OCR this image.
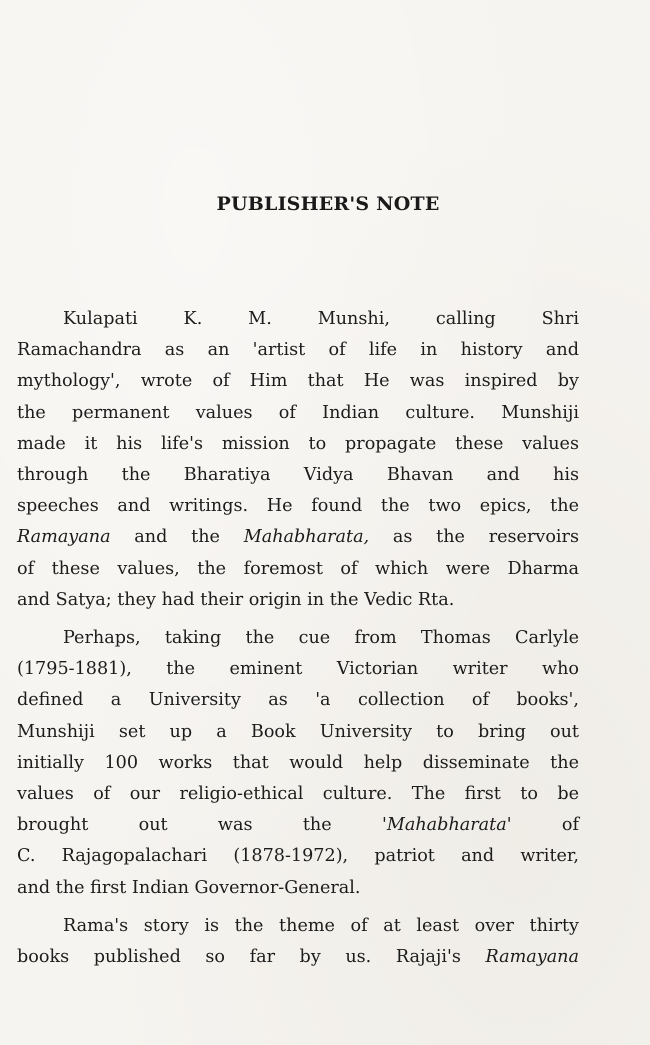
PUBLISHER'S NOTE
Kulapati K. M. Munshi, calling Shri
Ramachandra as an 'artist of life in history and
mythology', wrote of Him that He was inspired by
the permanent values of Indian culture. Munshiji
made it his life's mission to propagate these values
through the Bharatiya Vidya Bhavan and his
speeches and writings. He found the two epics, the
Ramayana and the Mahabharata, as the reservoirs
of these values, the foremost of which were Dharma
and Satya; they had their origin in the Vedic Rta.
Perhaps, taking the cue from Thomas Carlyle
(1795-1881), the eminent Victorian writer who
defined a University as 'a collection of books',
Munshiji set up a Book University to bring out
initially 100 works that would help disseminate the
values of our religio-ethical culture. The first to be
brought out was the 'Mahabharata' of
C. Rajagopalachari (1878-1972), patriot and writer,
and the first Indian Governor-General.
Rama's story is the theme of at least over thirty
books published so far by us. Rajaji's Ramayana
